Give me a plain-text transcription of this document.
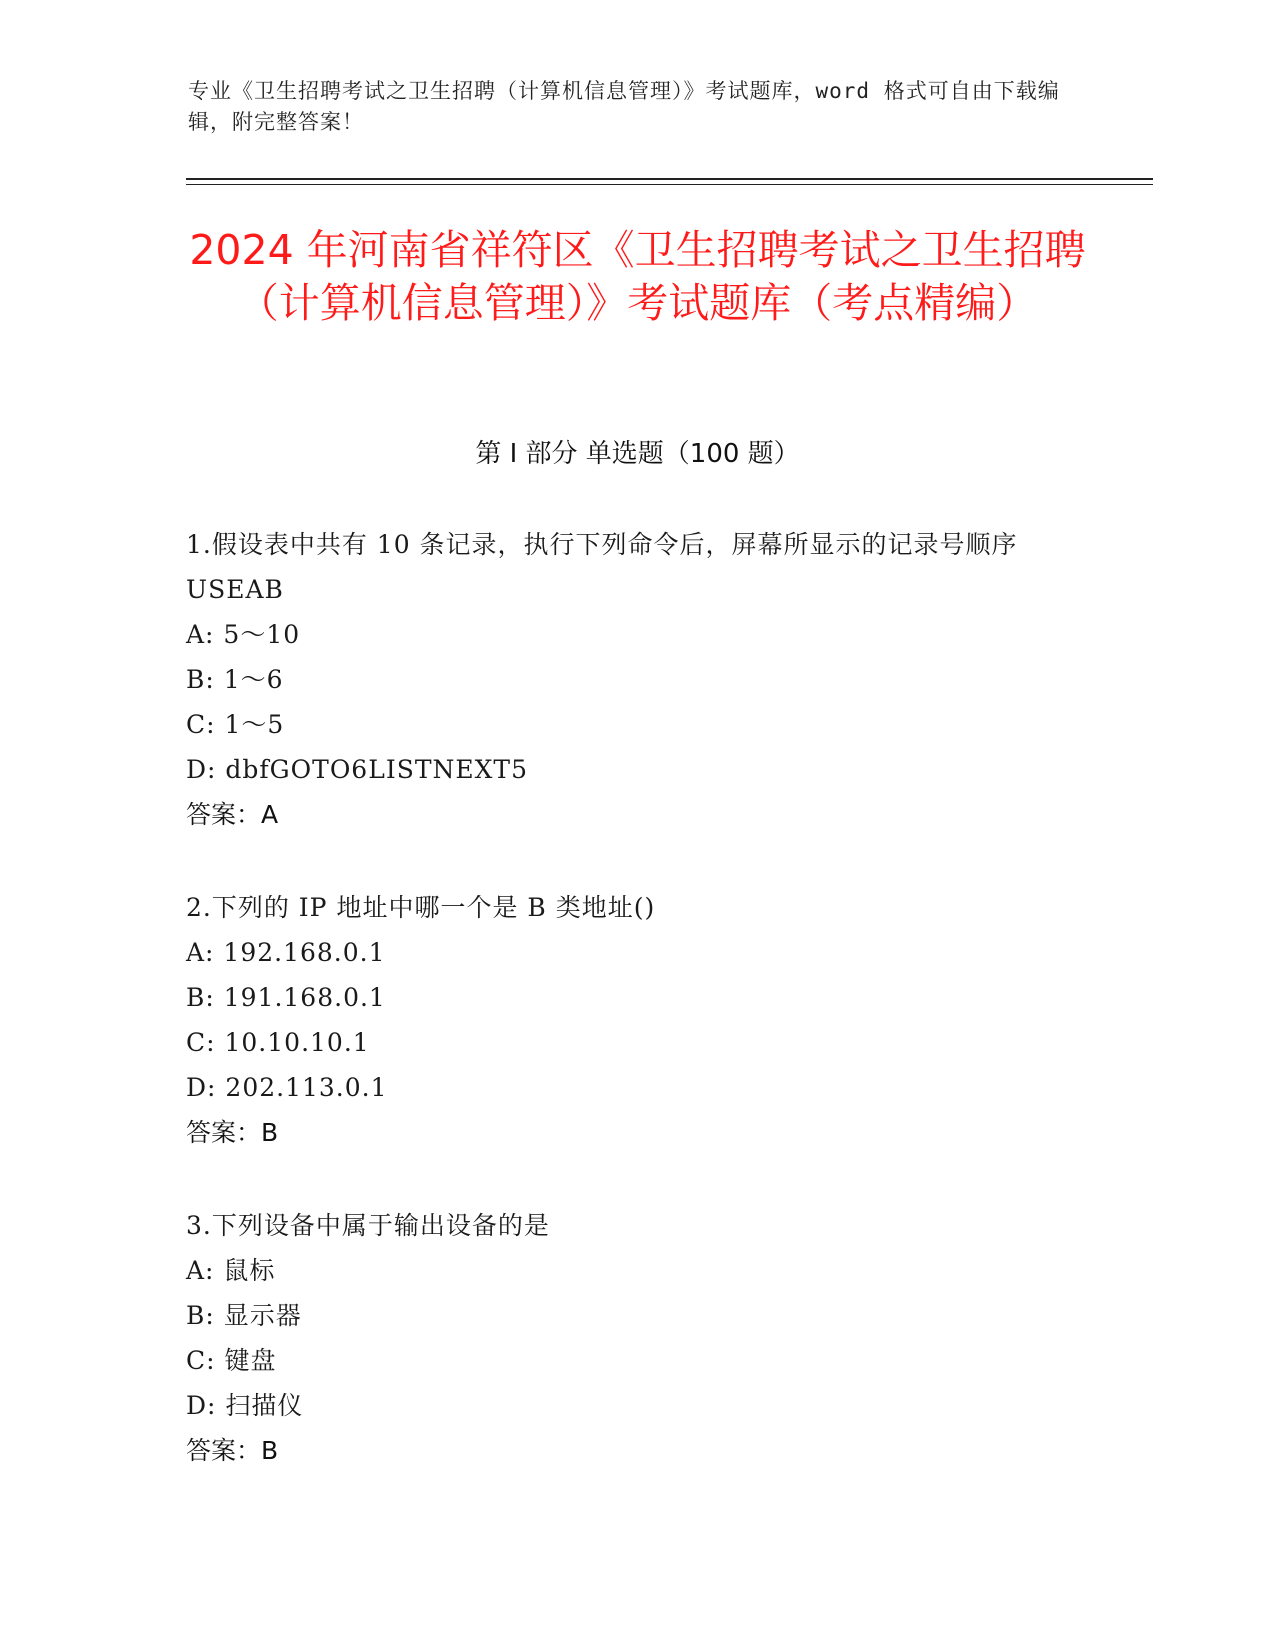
专业《卫生招聘考试之卫生招聘（计算机信息管理）》考试题库，word 格式可自由下载编辑，附完整答案！
2024 年河南省祥符区《卫生招聘考试之卫生招聘（计算机信息管理）》考试题库（考点精编）
第 I 部分 单选题（100 题）
1.假设表中共有 10 条记录，执行下列命令后，屏幕所显示的记录号顺序 USEAB
A: 5～10
B: 1～6
C: 1～5
D: dbfGOTO6LISTNEXT5
答案：A
2.下列的 IP 地址中哪一个是 B 类地址()
A: 192.168.0.1
B: 191.168.0.1
C: 10.10.10.1
D: 202.113.0.1
答案：B
3.下列设备中属于输出设备的是
A: 鼠标
B: 显示器
C: 键盘
D: 扫描仪
答案：B
